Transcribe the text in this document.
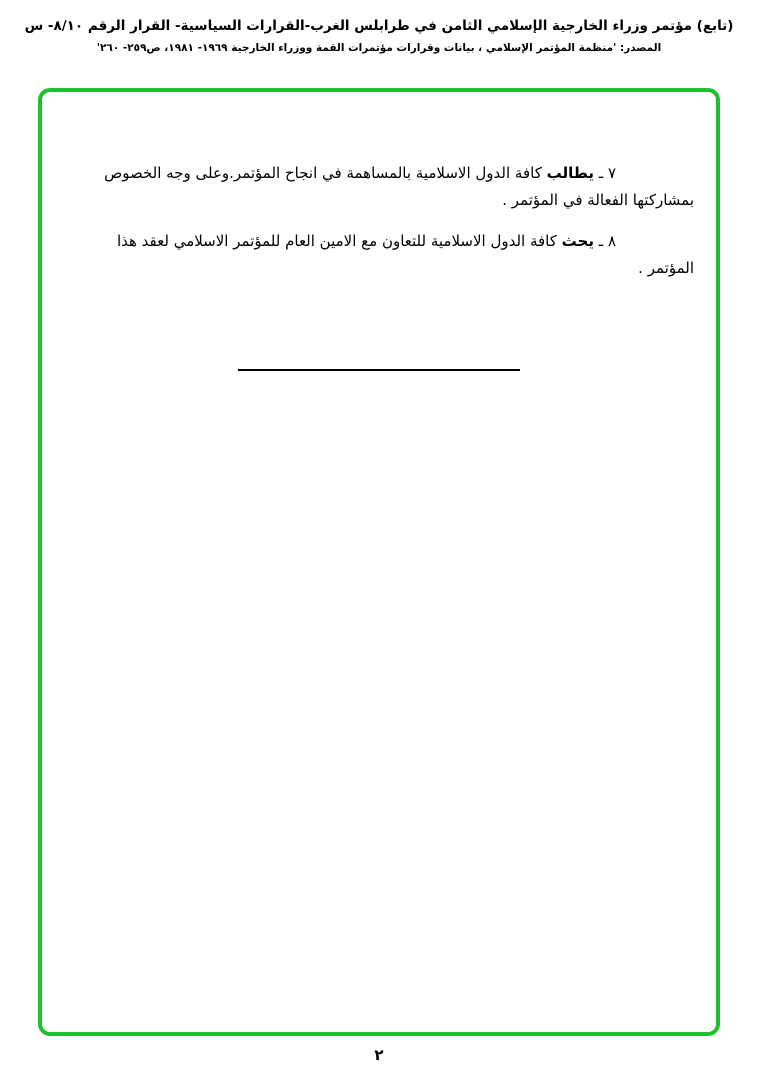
(تابع) مؤتمر وزراء الخارجية الإسلامي الثامن في طرابلس الغرب-القرارات السياسية- القرار الرقم ٨/١٠- س
المصدر: 'منظمة المؤتمر الإسلامي ، بيانات وقرارات مؤتمرات القمة ووزراء الخارجية ١٩٦٩- ١٩٨١، ص٢٥٩- ٢٦٠'

٧ ـ يطالب كافة الدول الاسلامية بالمساهمة في انجاح المؤتمر.وعلى وجه الخصوص بمشاركتها الفعالة في المؤتمر .

٨ ـ يحث كافة الدول الاسلامية للتعاون مع الامين العام للمؤتمر الاسلامي لعقد هذا المؤتمر .

٢
